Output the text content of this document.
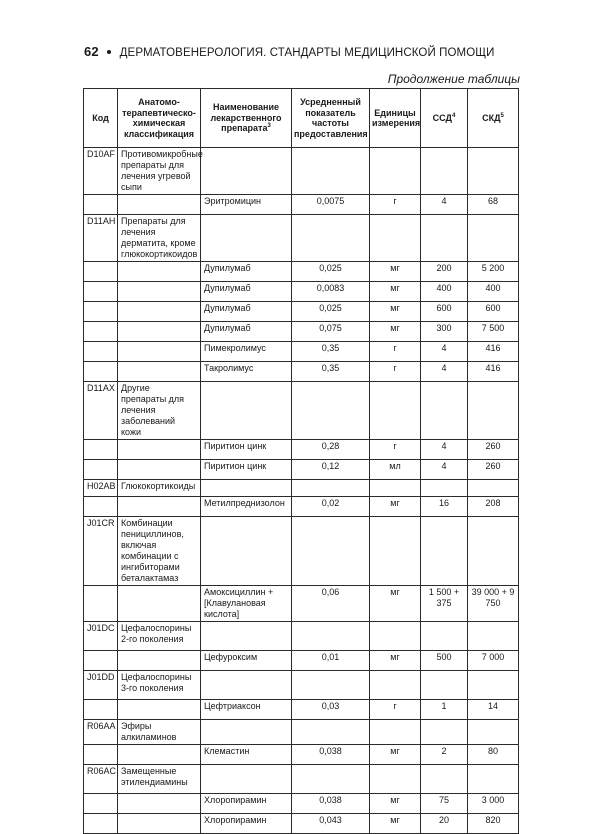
62 ДЕРМАТОВЕНЕРОЛОГИЯ. СТАНДАРТЫ МЕДИЦИНСКОЙ ПОМОЩИ
Продолжение таблицы
Код	Анатомо-терапевтическо-химическая классификация	Наименование лекарственного препарата$^3$	Усредненный показатель частоты предоставления	Единицы измерения	ССД$^4$	СКД$^5$
D10AF	Противомикробные препараты для лечения угревой сыпи					
		Эритромицин	0,0075	г	4	68
D11AH	Препараты для лечения дерматита, кроме глюкокортикоидов					
		Дупилумаб	0,025	мг	200	5 200
		Дупилумаб	0,0083	мг	400	400
		Дупилумаб	0,025	мг	600	600
		Дупилумаб	0,075	мг	300	7 500
		Пимекролимус	0,35	г	4	416
		Такролимус	0,35	г	4	416
D11AX	Другие препараты для лечения заболеваний кожи					
		Пиритион цинк	0,28	г	4	260
		Пиритион цинк	0,12	мл	4	260
H02AB	Глюкокортикоиды					
		Метилпреднизолон	0,02	мг	16	208
J01CR	Комбинации пенициллинов, включая комбинации с ингибиторами беталактамаз					
		Амоксициллин + [Клавулановая кислота]	0,06	мг	1 500 + 375	39 000 + 9 750
J01DC	Цефалоспорины 2-го поколения					
		Цефуроксим	0,01	мг	500	7 000
J01DD	Цефалоспорины 3-го поколения					
		Цефтриаксон	0,03	г	1	14
R06AA	Эфиры алкиламинов					
		Клемастин	0,038	мг	2	80
R06AC	Замещенные этилендиамины					
		Хлоропирамин	0,038	мг	75	3 000
		Хлоропирамин	0,043	мг	20	820
